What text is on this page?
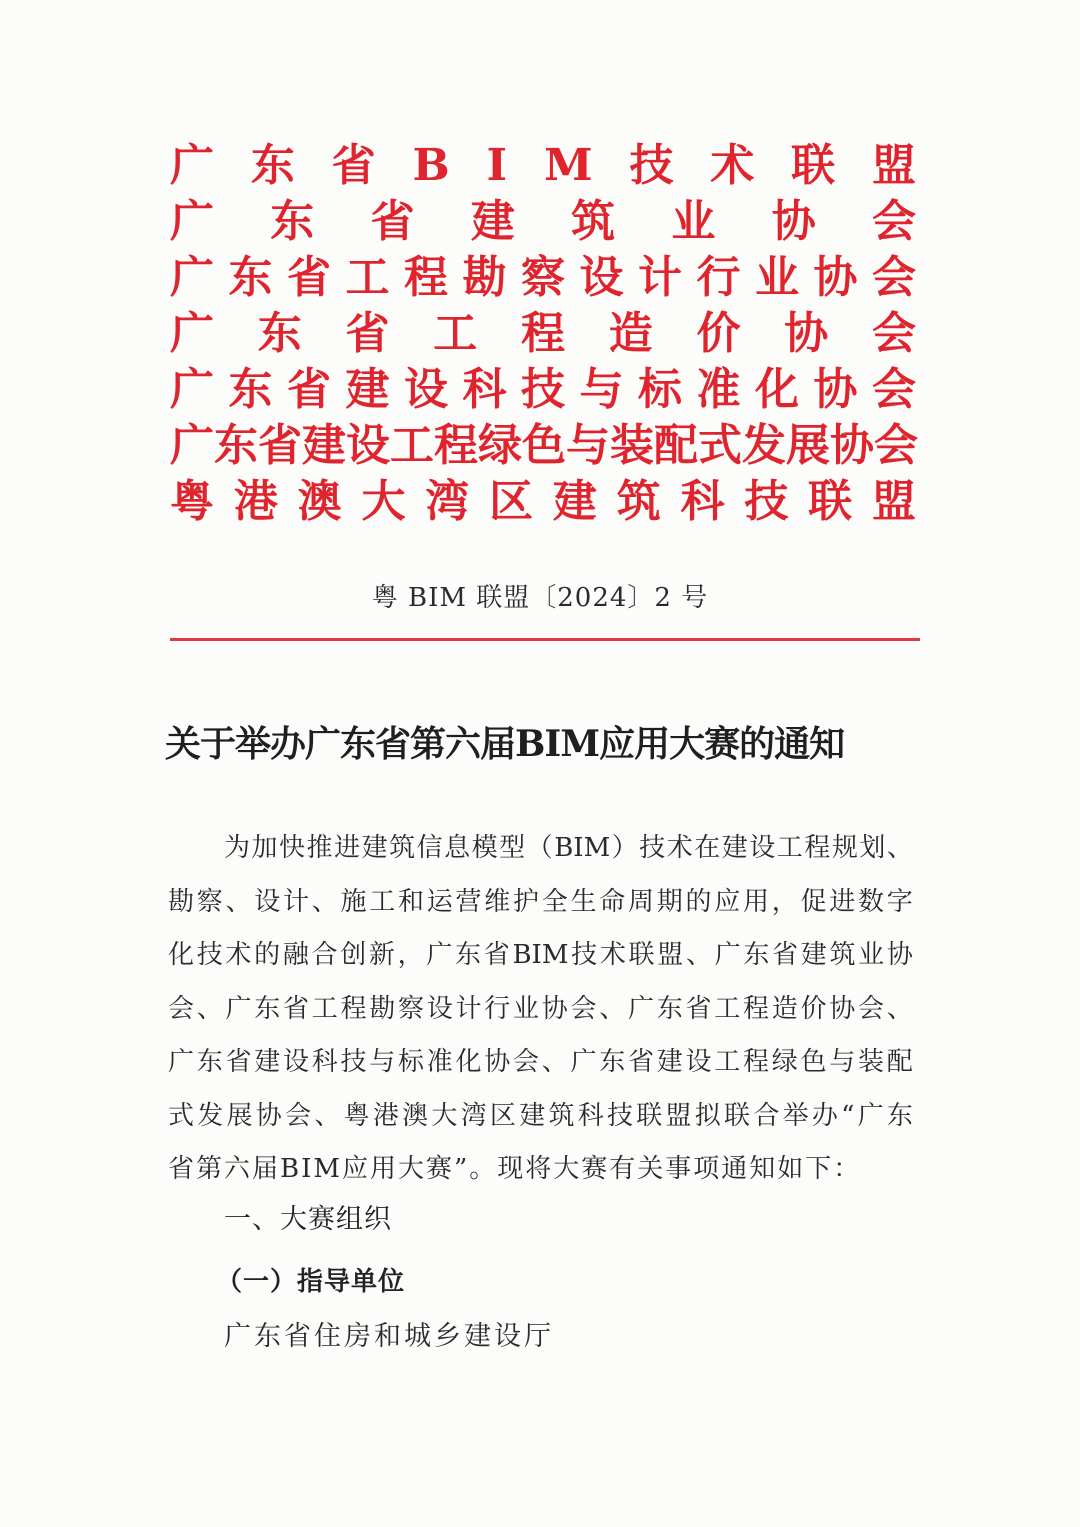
广 东 省 B I M 技 术 联 盟
广 东 省 建 筑 业 协 会
广 东 省 工 程 勘 察 设 计 行 业 协 会
广 东 省 工 程 造 价 协 会
广 东 省 建 设 科 技 与 标 准 化 协 会
广 东 省 建 设 工 程 绿 色 与 装 配 式 发 展 协 会
粤 港 澳 大 湾 区 建 筑 科 技 联 盟
粤 BIM 联盟〔2024〕2 号
关于举办广东省第六届BIM应用大赛的通知
为 加 快 推 进 建 筑 信 息 模 型 （ BIM ） 技 术 在 建 设 工 程 规 划 、
勘 察 、 设 计 、 施 工 和 运 营 维 护 全 生 命 周 期 的 应 用 ， 促 进 数 字
化 技 术 的 融 合 创 新 ， 广 东 省 BIM 技 术 联 盟 、 广 东 省 建 筑 业 协
会 、 广 东 省 工 程 勘 察 设 计 行 业 协 会 、 广 东 省 工 程 造 价 协 会 、
广 东 省 建 设 科 技 与 标 准 化 协 会 、 广 东 省 建 设 工 程 绿 色 与 装 配
式 发 展 协 会 、 粤 港 澳 大 湾 区 建 筑 科 技 联 盟 拟 联 合 举 办 “ 广 东
省第六届BIM应用大赛”。现将大赛有关事项通知如下：
一、大赛组织
（一）指导单位
广东省住房和城乡建设厅
